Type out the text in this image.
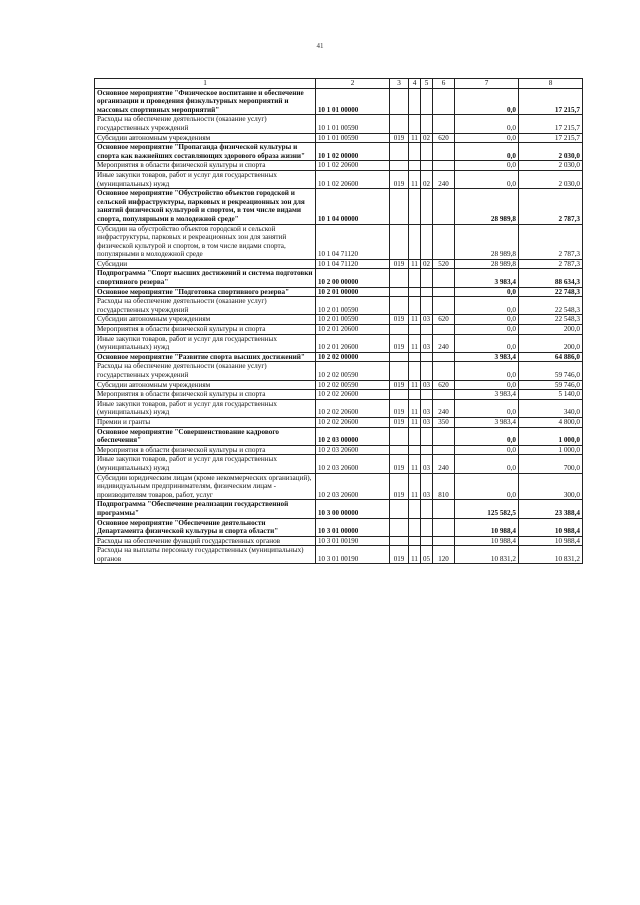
41
1	2	3	4	5	6	7	8
Основное мероприятие "Физическое воспитание и обеспечение организации и проведения физкультурных мероприятий и массовых спортивных мероприятий"	10 1 01 00000					0,0	17 215,7
Расходы на обеспечение деятельности (оказание услуг) государственных учреждений	10 1 01 00590					0,0	17 215,7
Субсидии автономным учреждениям	10 1 01 00590	019	11	02	620	0,0	17 215,7
Основное мероприятие "Пропаганда физической культуры и спорта как важнейших составляющих здорового образа жизни"	10 1 02 00000					0,0	2 030,0
Мероприятия в области физической культуры и спорта	10 1 02 20600					0,0	2 030,0
Иные закупки товаров, работ и услуг для государственных (муниципальных) нужд	10 1 02 20600	019	11	02	240	0,0	2 030,0
Основное мероприятие "Обустройство объектов городской и сельской инфраструктуры, парковых и рекреационных зон для занятий физической культурой и спортом, в том числе видами спорта, популярными в молодежной среде"	10 1 04 00000					28 989,8	2 787,3
Субсидии на обустройство объектов городской и сельской инфраструктуры, парковых и рекреационных зон для занятий физической культурой и спортом, в том числе видами спорта, популярными в молодежной среде	10 1 04 71120					28 989,8	2 787,3
Субсидии	10 1 04 71120	019	11	02	520	28 989,8	2 787,3
Подпрограмма "Спорт высших достижений и система подготовки спортивного резерва"	10 2 00 00000					3 983,4	88 634,3
Основное мероприятие "Подготовка спортивного резерва"	10 2 01 00000					0,0	22 748,3
Расходы на обеспечение деятельности (оказание услуг) государственных учреждений	10 2 01 00590					0,0	22 548,3
Субсидии автономным учреждениям	10 2 01 00590	019	11	03	620	0,0	22 548,3
Мероприятия в области физической культуры и спорта	10 2 01 20600					0,0	200,0
Иные закупки товаров, работ и услуг для государственных (муниципальных) нужд	10 2 01 20600	019	11	03	240	0,0	200,0
Основное мероприятие "Развитие спорта высших достижений"	10 2 02 00000					3 983,4	64 886,0
Расходы на обеспечение деятельности (оказание услуг) государственных учреждений	10 2 02 00590					0,0	59 746,0
Субсидии автономным учреждениям	10 2 02 00590	019	11	03	620	0,0	59 746,0
Мероприятия в области физической культуры и спорта	10 2 02 20600					3 983,4	5 140,0
Иные закупки товаров, работ и услуг для государственных (муниципальных) нужд	10 2 02 20600	019	11	03	240	0,0	340,0
Премии и гранты	10 2 02 20600	019	11	03	350	3 983,4	4 800,0
Основное мероприятие "Совершенствование кадрового обеспечения"	10 2 03 00000					0,0	1 000,0
Мероприятия в области физической культуры и спорта	10 2 03 20600					0,0	1 000,0
Иные закупки товаров, работ и услуг для государственных (муниципальных) нужд	10 2 03 20600	019	11	03	240	0,0	700,0
Субсидии юридическим лицам (кроме некоммерческих организаций), индивидуальным предпринимателям, физическим лицам - производителям товаров, работ, услуг	10 2 03 20600	019	11	03	810	0,0	300,0
Подпрограмма "Обеспечение реализации государственной программы"	10 3 00 00000					125 582,5	23 388,4
Основное мероприятие "Обеспечение деятельности Департамента физической культуры и спорта области"	10 3 01 00000					10 988,4	10 988,4
Расходы на обеспечение функций государственных органов	10 3 01 00190					10 988,4	10 988,4
Расходы на выплаты персоналу государственных (муниципальных) органов	10 3 01 00190	019	11	05	120	10 831,2	10 831,2
